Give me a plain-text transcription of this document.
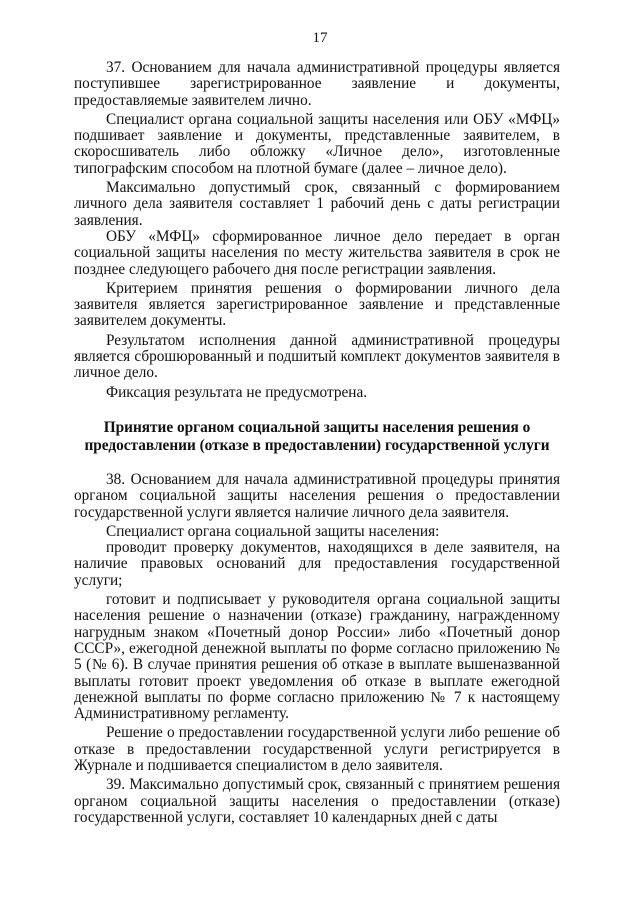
17

37. Основанием для начала административной процедуры является поступившее зарегистрированное заявление и документы, предоставляемые заявителем лично.

Специалист органа социальной защиты населения или ОБУ «МФЦ» подшивает заявление и документы, представленные заявителем, в скоросшиватель либо обложку «Личное дело», изготовленные типографским способом на плотной бумаге (далее – личное дело).

Максимально допустимый срок, связанный с формированием личного дела заявителя составляет 1 рабочий день с даты регистрации заявления.

ОБУ «МФЦ» сформированное личное дело передает в орган социальной защиты населения по месту жительства заявителя в срок не позднее следующего рабочего дня после регистрации заявления.

Критерием принятия решения о формировании личного дела заявителя является зарегистрированное заявление и представленные заявителем документы.

Результатом исполнения данной административной процедуры является сброшюрованный и подшитый комплект документов заявителя в личное дело.

Фиксация результата не предусмотрена.

Принятие органом социальной защиты населения решения о предоставлении (отказе в предоставлении) государственной услуги

38. Основанием для начала административной процедуры принятия органом социальной защиты населения решения о предоставлении государственной услуги является наличие личного дела заявителя.

Специалист органа социальной защиты населения:

проводит проверку документов, находящихся в деле заявителя, на наличие правовых оснований для предоставления государственной услуги;

готовит и подписывает у руководителя органа социальной защиты населения решение о назначении (отказе) гражданину, награжденному нагрудным знаком «Почетный донор России» либо «Почетный донор СССР», ежегодной денежной выплаты по форме согласно приложению № 5 (№ 6). В случае принятия решения об отказе в выплате вышеназванной выплаты готовит проект уведомления об отказе в выплате ежегодной денежной выплаты по форме согласно приложению № 7 к настоящему Административному регламенту.

Решение о предоставлении государственной услуги либо решение об отказе в предоставлении государственной услуги регистрируется в Журнале и подшивается специалистом в дело заявителя.

39. Максимально допустимый срок, связанный с принятием решения органом социальной защиты населения о предоставлении (отказе) государственной услуги, составляет 10 календарных дней с даты
